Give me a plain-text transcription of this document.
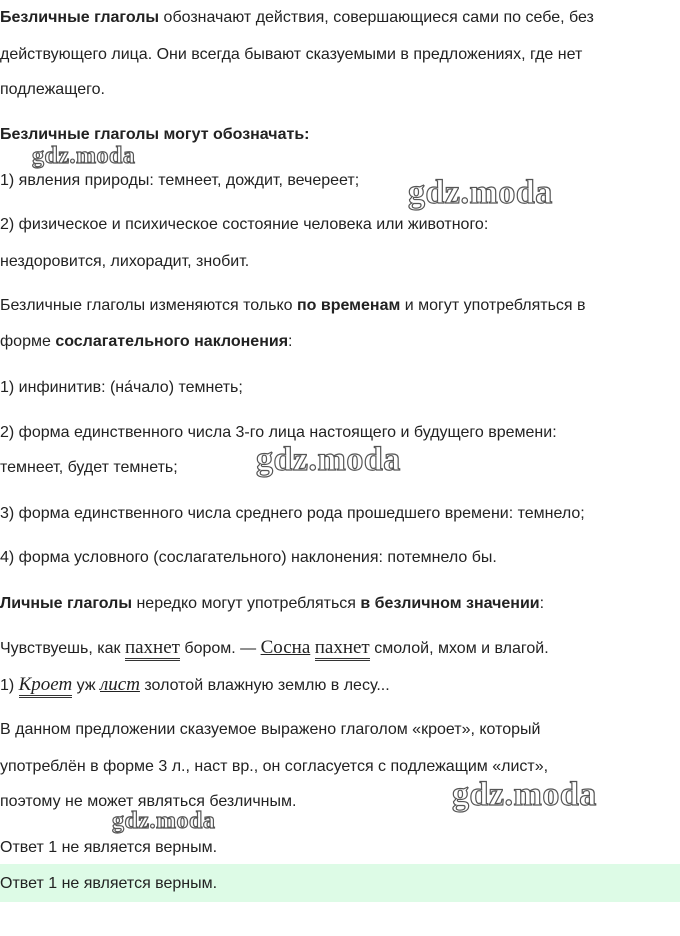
Безличные глаголы обозначают действия, совершающиеся сами по себе, без
действующего лица. Они всегда бывают сказуемыми в предложениях, где нет
подлежащего.
Безличные глаголы могут обозначать:
1) явления природы: темнеет, дождит, вечереет;
2) физическое и психическое состояние человека или животного:
нездоровится, лихорадит, знобит.
Безличные глаголы изменяются только по временам и могут употребляться в
форме сослагательного наклонения:
1) инфинитив: (на́чало) темнеть;
2) форма единственного числа 3-го лица настоящего и будущего времени:
темнеет, будет темнеть;
3) форма единственного числа среднего рода прошедшего времени: темнело;
4) форма условного (сослагательного) наклонения: потемнело бы.
Личные глаголы нередко могут употребляться в безличном значении:
Чувствуешь, как пахнет бором. — Сосна пахнет смолой, мхом и влагой.
1) Кроет уж лист золотой влажную землю в лесу...
В данном предложении сказуемое выражено глаголом «кроет», который
употреблён в форме 3 л., наст вр., он согласуется с подлежащим «лист»,
поэтому не может являться безличным.
Ответ 1 не является верным.
Ответ 1 не является верным.
gdz.moda
gdz.moda
gdz.moda
gdz.moda
gdz.moda
